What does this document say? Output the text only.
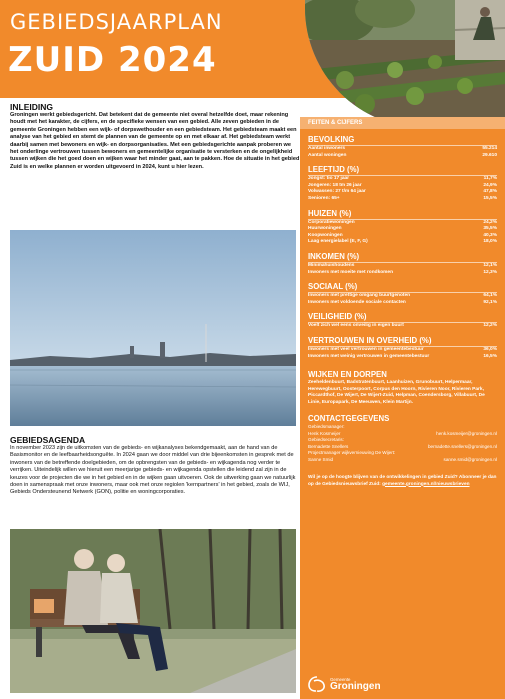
GEBIEDSJAARPLAN
ZUID 2024
INLEIDING

Groningen werkt gebiedsgericht. Dat betekent dat de gemeente niet overal hetzelfde doet, maar rekening houdt met het karakter, de cijfers, en de specifieke wensen van een gebied. Alle zeven gebieden in de gemeente Groningen hebben een wijk- of dorpswethouder en een gebiedsteam. Het gebiedsteam maakt een analyse van het gebied en stemt de plannen van de gemeente op en met elkaar af. Het gebiedsteam werkt daarbij samen met bewoners en wijk- en dorpsorganisaties. Met een gebiedsgerichte aanpak proberen we het onderlinge vertrouwen tussen bewoners en gemeentelijke organisatie te versterken en de ongelijkheid tussen wijken die het goed doen en wijken waar het minder gaat, aan te pakken. Hoe de situatie in het gebied Zuid is en welke plannen er worden uitgevoerd in 2024, kunt u hier lezen.

GEBIEDSAGENDA

In november 2023 zijn de uitkomsten van de gebieds- en wijkanalyses bekendgemaakt, aan de hand van de Basismonitor en de leefbaarheidsonguête. In 2024 gaan we door middel van drie bijeenkomsten in gesprek met de inwoners van de betreffende doelgebieden, om de opbrengsten van de gebieds- en wijkagenda nog verder te verrijken. Uiteindelijk willen we hieruit een meerjarige gebieds- en wijkagenda opstellen die leidend zal zijn in de keuzes voor de projecten die we in het gebied en in de wijken gaan uitvoeren. Ook de uitwerking gaan we natuurlijk doen in samenspraak met onze inwoners, maar ook met onze regiolen 'kernpartners' in het gebied, zoals de WIJ, Gebieds Ondersteunend Netwerk (GON), politie en woningcorporaties.

FEITEN & CIJFERS
BEVOLKING
Aantal inwoners	55.214
Aantal woningen	29.610
LEEFTIJD (%)
Jongst: tio 17 jaar	11,7%
Jongeren: 18 tm 26 jaar	24,9%
Volwassen: 27 t/m 64 jaar	47,8%
Senioren: 65+	15,5%
HUIZEN (%)
Corporatiewoningen	24,2%
Huurwoningen	35,5%
Koopwoningen	40,3%
Laag energielabel (E, F, G)	18,0%
INKOMEN (%)
Minimahuishoudens	12,1%
Inwoners met moeite met rondkomen	12,3%
SOCIAAL (%)
Inwoners met prettige omgang buurtgenoten	64,1%
Inwoners met voldoende sociale contacten	92,1%
VEILIGHEID (%)
Voelt zich wel eens onveilig in eigen buurt	12,2%
VERTROUWEN IN OVERHEID (%)
Inwoners met veel vertrouwen in gemeentebestuur	36,0%
Inwoners met weinig vertrouwen in gemeentebestuur	16,5%
WIJKEN EN DORPEN
Zeeheldenbuurt, Badstratenbuurt, Laanhuizen, Grunobuurt, Helpermaar, Herewegbuurt, Oosterpoort, Corpus den Hoorn, Rivieren Noor, Rivieren Park, Piccardthof, De Wijert, De Wijert-Zuid, Helpman, Coendersborg, Villabuurt, De Linie, Europapark, De Meeuwen, Klein Martijn.
CONTACTGEGEVENS
Gebiedsmanager:
Henk Kosmeijer	henk.kosmeijer@groningen.nl
Gebiedsecretaris:
Bernadette Snellers	bernadette.snellers@groningen.nl
Projectmanager wijkvernieuwing De Wijert:
Sanne Smid	sanne.smid@groningen.nl
Wil je op de hoogte blijven van de ontwikkelingen in gebied Zuid? Abonneer je dan op de Gebiedsnieuwsbrief Zuid: gemeente.groningen.nl/nieuwsbrieven
Gemeente
Groningen
